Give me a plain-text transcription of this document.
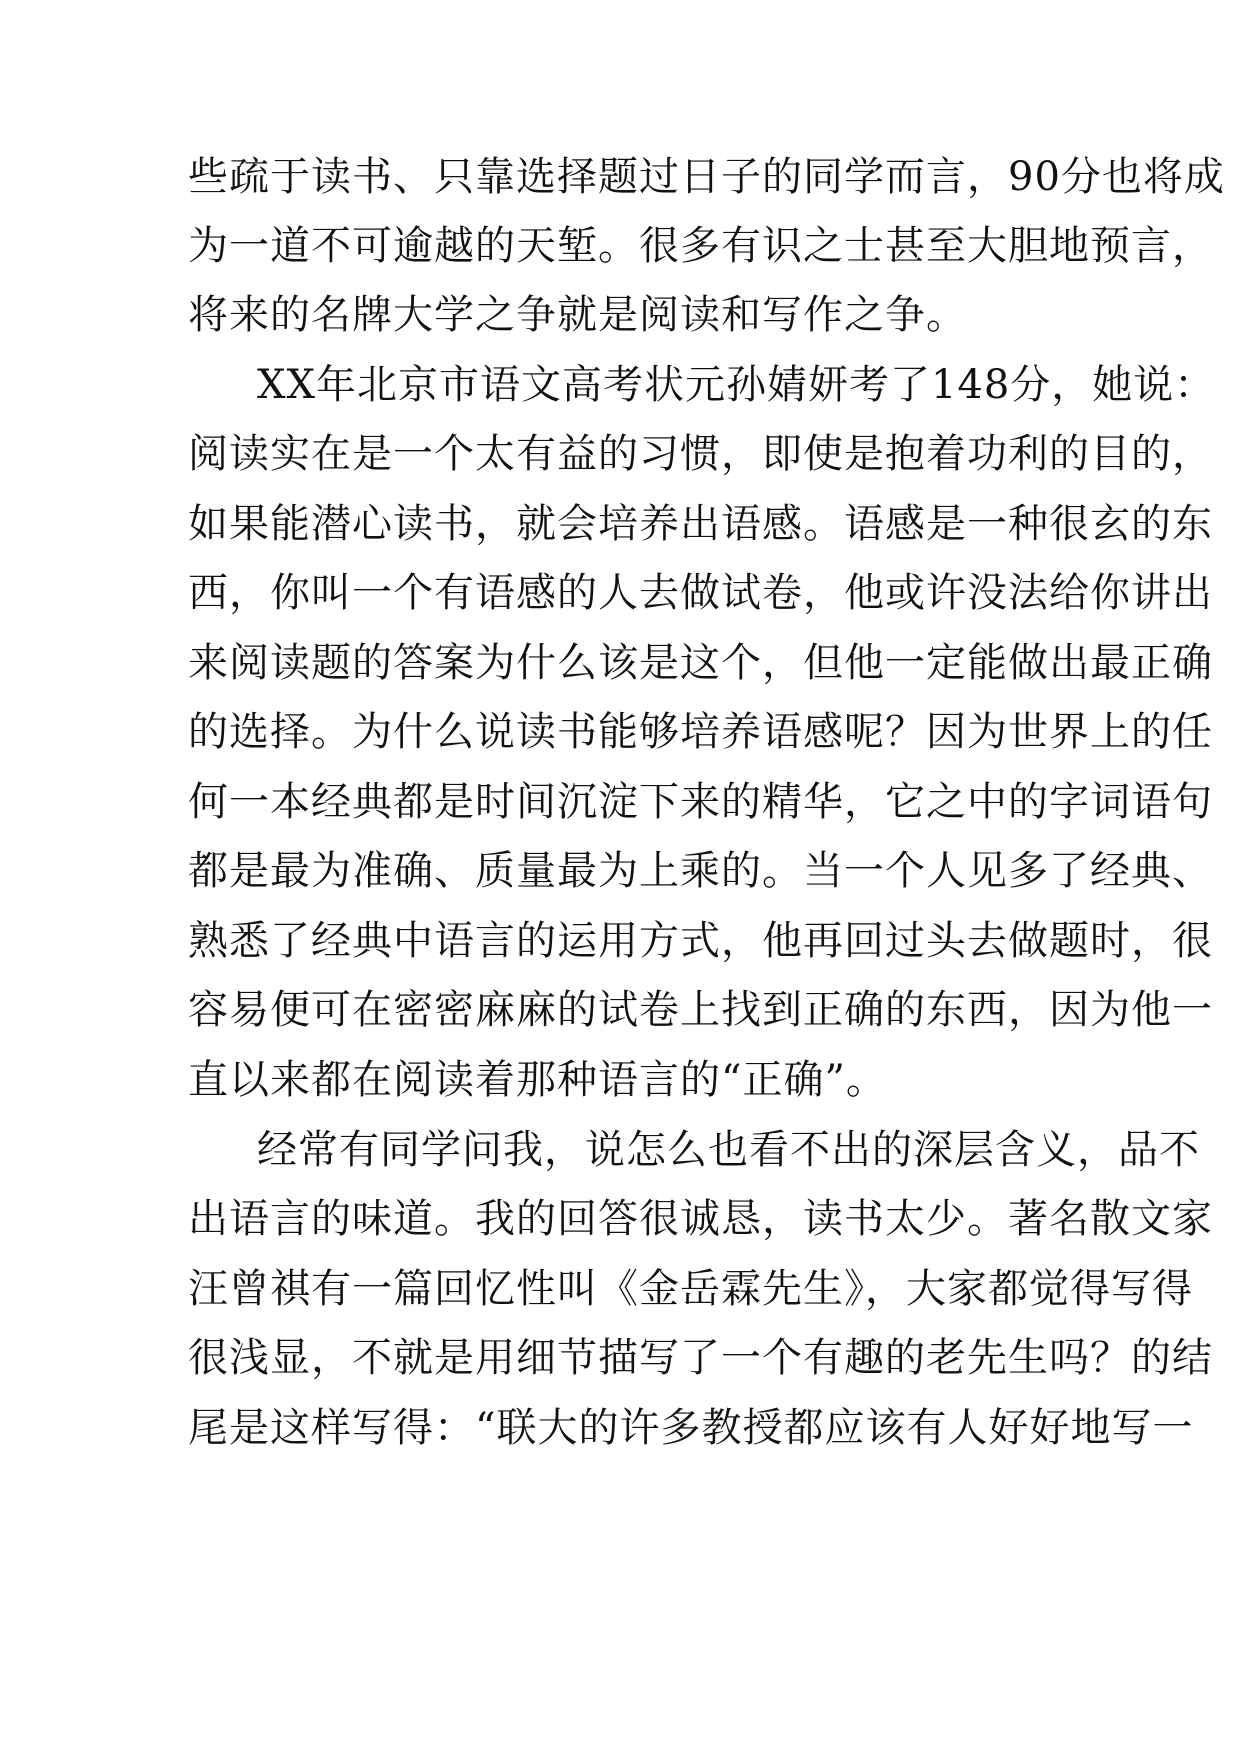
些疏于读书、只靠选择题过日子的同学而言，90分也将成
为一道不可逾越的天堑。很多有识之士甚至大胆地预言，
将来的名牌大学之争就是阅读和写作之争。
XX年北京市语文高考状元孙婧妍考了148分，她说：
阅读实在是一个太有益的习惯，即使是抱着功利的目的，
如果能潜心读书，就会培养出语感。语感是一种很玄的东
西，你叫一个有语感的人去做试卷，他或许没法给你讲出
来阅读题的答案为什么该是这个，但他一定能做出最正确
的选择。为什么说读书能够培养语感呢？因为世界上的任
何一本经典都是时间沉淀下来的精华，它之中的字词语句
都是最为准确、质量最为上乘的。当一个人见多了经典、
熟悉了经典中语言的运用方式，他再回过头去做题时，很
容易便可在密密麻麻的试卷上找到正确的东西，因为他一
直以来都在阅读着那种语言的“正确”。
经常有同学问我，说怎么也看不出的深层含义，品不
出语言的味道。我的回答很诚恳，读书太少。著名散文家
汪曾祺有一篇回忆性叫《金岳霖先生》，大家都觉得写得
很浅显，不就是用细节描写了一个有趣的老先生吗？的结
尾是这样写得：“联大的许多教授都应该有人好好地写一
